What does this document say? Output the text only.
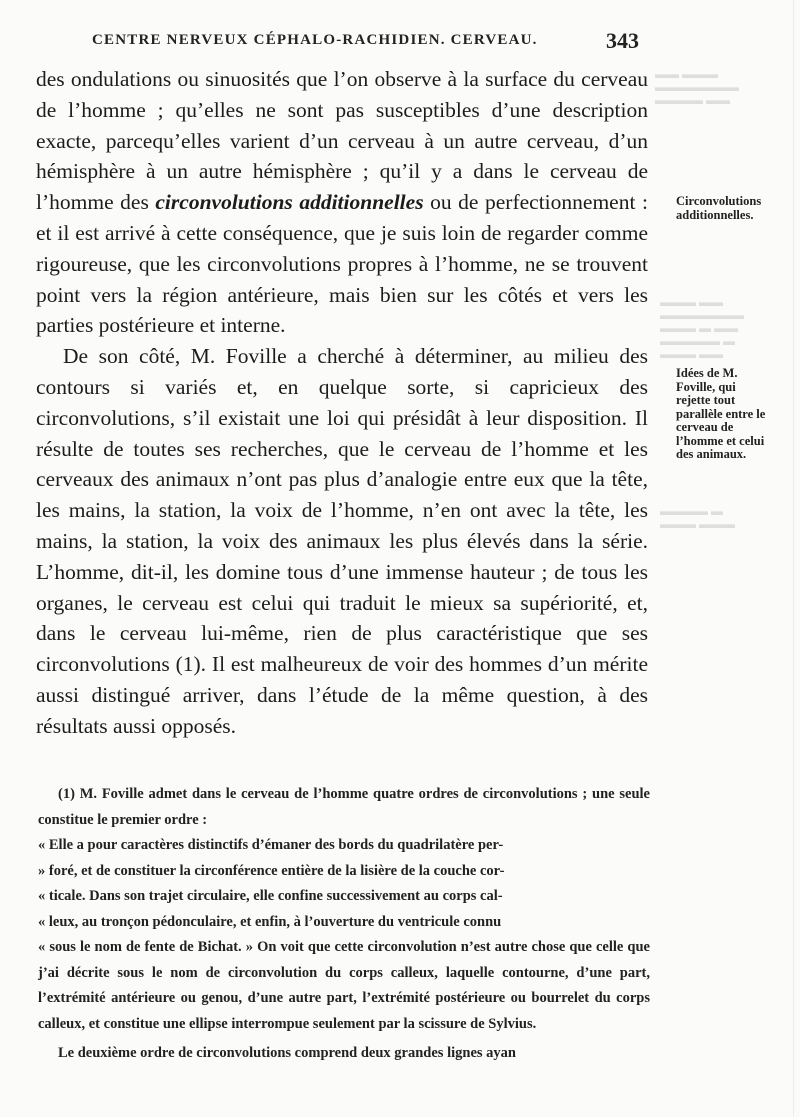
▬▬ ▬▬▬
▬▬▬▬▬▬▬
▬▬▬▬ ▬▬
▬▬▬ ▬▬
▬▬▬▬▬▬▬
▬▬▬ ▬ ▬▬
▬▬▬▬▬ ▬
▬▬▬ ▬▬
▬▬▬▬ ▬
▬▬▬ ▬▬▬
CENTRE NERVEUX CÉPHALO-RACHIDIEN. CERVEAU.	343

des ondulations ou sinuosités que l’on observe à la surface du cerveau de l’homme ; qu’elles ne sont pas susceptibles d’une description exacte, parcequ’elles varient d’un cerveau à un autre cerveau, d’un hémisphère à un autre hémisphère ; qu’il y a dans le cerveau de l’homme des circonvolutions additionnelles ou de perfectionnement : et il est arrivé à cette conséquence, que je suis loin de regarder comme rigoureuse, que les circonvolutions propres à l’homme, ne se trouvent point vers la région antérieure, mais bien sur les côtés et vers les parties postérieure et interne.

De son côté, M. Foville a cherché à déterminer, au milieu des contours si variés et, en quelque sorte, si capricieux des circonvolutions, s’il existait une loi qui présidât à leur disposition. Il résulte de toutes ses recherches, que le cerveau de l’homme et les cerveaux des animaux n’ont pas plus d’analogie entre eux que la tête, les mains, la station, la voix de l’homme, n’en ont avec la tête, les mains, la station, la voix des animaux les plus élevés dans la série. L’homme, dit-il, les domine tous d’une immense hauteur ; de tous les organes, le cerveau est celui qui traduit le mieux sa supériorité, et, dans le cerveau lui-même, rien de plus caractéristique que ses circonvolutions (1). Il est malheureux de voir des hommes d’un mérite aussi distingué arriver, dans l’étude de la même question, à des résultats aussi opposés.

Circonvolutions additionnelles.
Idées de M. Foville, qui rejette tout parallèle entre le cerveau de l’homme et celui des animaux.

(1) M. Foville admet dans le cerveau de l’homme quatre ordres de circonvolutions ; une seule constitue le premier ordre :

« Elle a pour caractères distinctifs d’émaner des bords du quadrilatère per-

» foré, et de constituer la circonférence entière de la lisière de la couche cor-

« ticale. Dans son trajet circulaire, elle confine successivement au corps cal-

« leux, au tronçon pédonculaire, et enfin, à l’ouverture du ventricule connu

« sous le nom de fente de Bichat. » On voit que cette circonvolution n’est autre chose que celle que j’ai décrite sous le nom de circonvolution du corps calleux, laquelle contourne, d’une part, l’extrémité antérieure ou genou, d’une autre part, l’extrémité postérieure ou bourrelet du corps calleux, et constitue une ellipse interrompue seulement par la scissure de Sylvius.

Le deuxième ordre de circonvolutions comprend deux grandes lignes ayan
